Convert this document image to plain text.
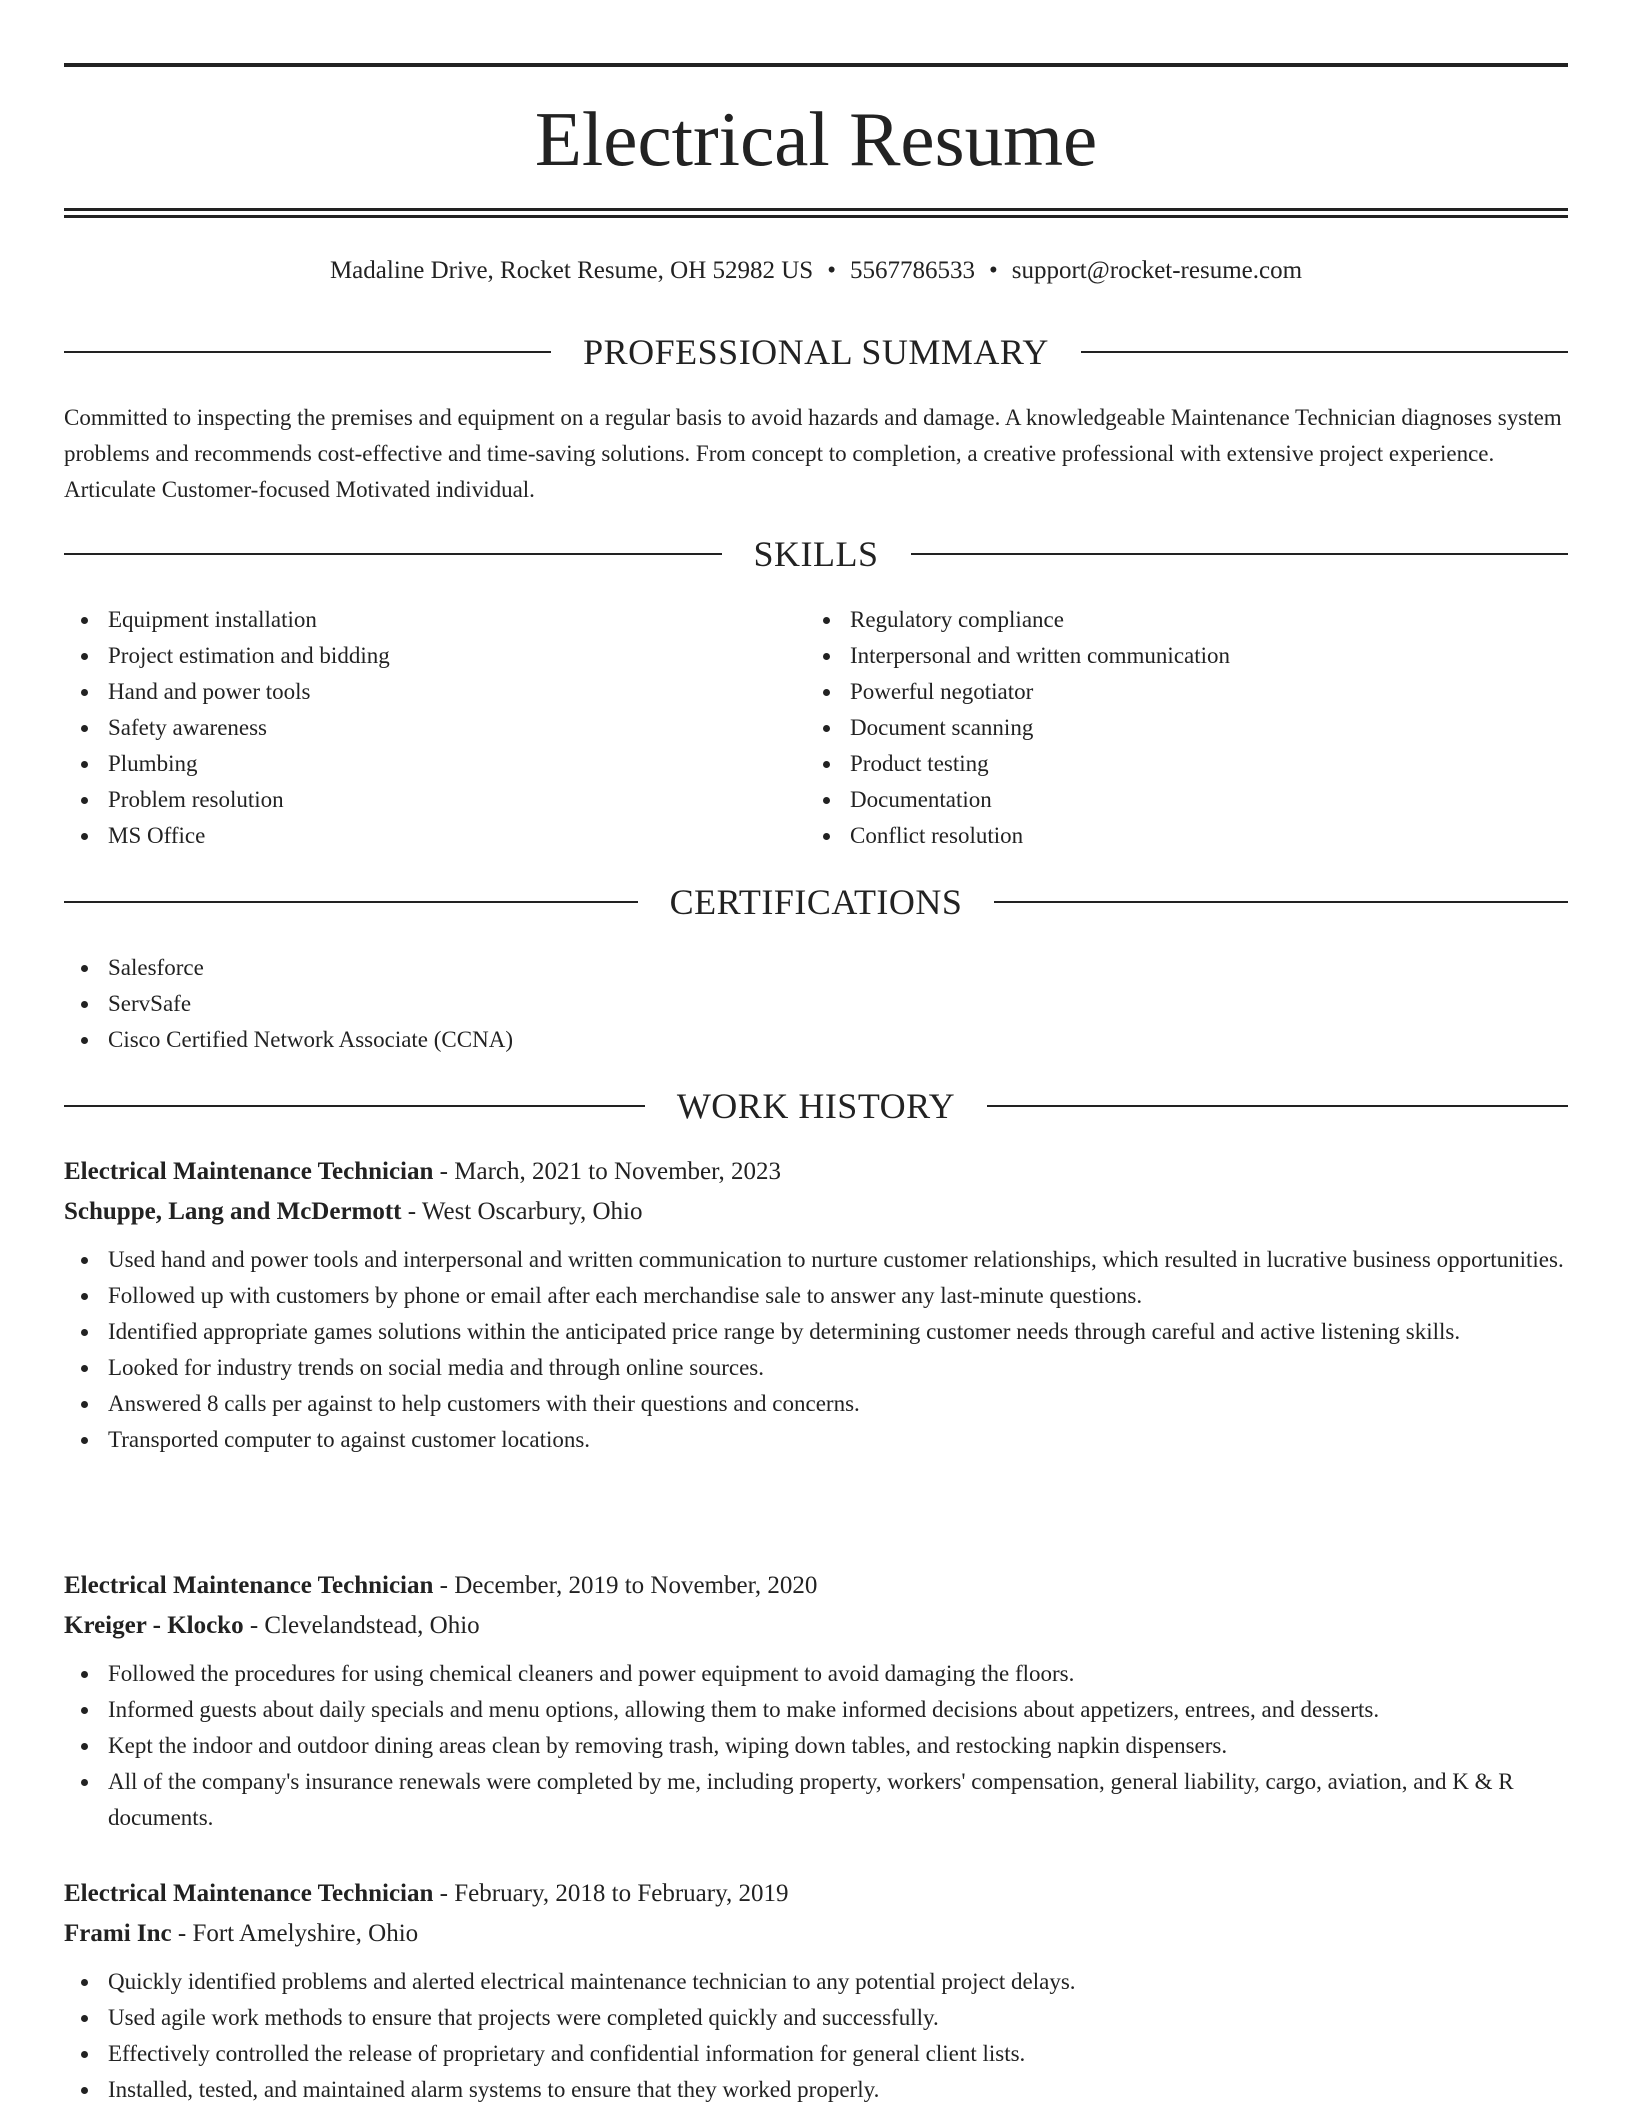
Electrical Resume
Madaline Drive, Rocket Resume, OH 52982 US • 5567786533 • support@rocket-resume.com
PROFESSIONAL SUMMARY

Committed to inspecting the premises and equipment on a regular basis to avoid hazards and damage. A knowledgeable Maintenance Technician diagnoses system problems and recommends cost-effective and time-saving solutions. From concept to completion, a creative professional with extensive project experience. Articulate Customer-focused Motivated individual.

SKILLS
Equipment installation
Project estimation and bidding
Hand and power tools
Safety awareness
Plumbing
Problem resolution
MS Office
Regulatory compliance
Interpersonal and written communication
Powerful negotiator
Document scanning
Product testing
Documentation
Conflict resolution
CERTIFICATIONS
Salesforce
ServSafe
Cisco Certified Network Associate (CCNA)
WORK HISTORY
Electrical Maintenance Technician - March, 2021 to November, 2023
Schuppe, Lang and McDermott - West Oscarbury, Ohio
Used hand and power tools and interpersonal and written communication to nurture customer relationships, which resulted in lucrative business opportunities.
Followed up with customers by phone or email after each merchandise sale to answer any last-minute questions.
Identified appropriate games solutions within the anticipated price range by determining customer needs through careful and active listening skills.
Looked for industry trends on social media and through online sources.
Answered 8 calls per against to help customers with their questions and concerns.
Transported computer to against customer locations.
Electrical Maintenance Technician - December, 2019 to November, 2020
Kreiger - Klocko - Clevelandstead, Ohio
Followed the procedures for using chemical cleaners and power equipment to avoid damaging the floors.
Informed guests about daily specials and menu options, allowing them to make informed decisions about appetizers, entrees, and desserts.
Kept the indoor and outdoor dining areas clean by removing trash, wiping down tables, and restocking napkin dispensers.
All of the company's insurance renewals were completed by me, including property, workers' compensation, general liability, cargo, aviation, and K & R documents.
Electrical Maintenance Technician - February, 2018 to February, 2019
Frami Inc - Fort Amelyshire, Ohio
Quickly identified problems and alerted electrical maintenance technician to any potential project delays.
Used agile work methods to ensure that projects were completed quickly and successfully.
Effectively controlled the release of proprietary and confidential information for general client lists.
Installed, tested, and maintained alarm systems to ensure that they worked properly.
